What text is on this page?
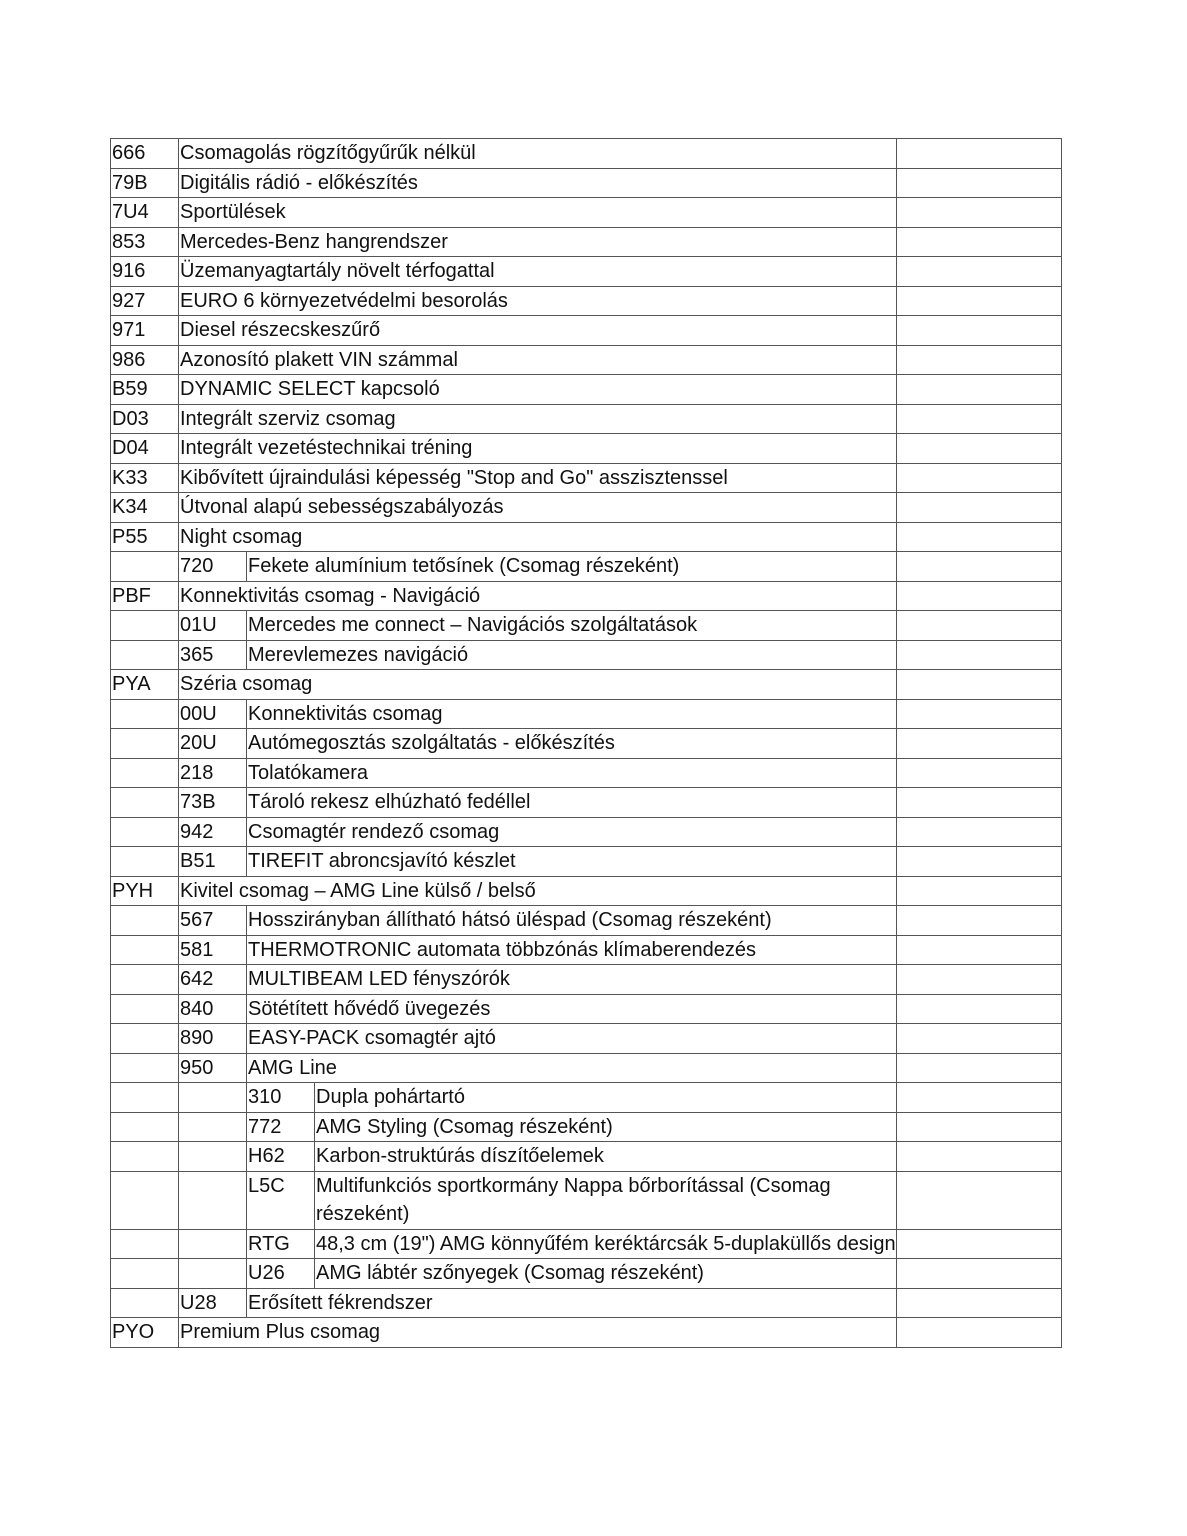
666	Csomagolás rögzítőgyűrűk nélkül			
79B	Digitális rádió - előkészítés			
7U4	Sportülések			
853	Mercedes-Benz hangrendszer			
916	Üzemanyagtartály növelt térfogattal			
927	EURO 6 környezetvédelmi besorolás			
971	Diesel részecskeszűrő			
986	Azonosító plakett VIN számmal			
B59	DYNAMIC SELECT kapcsoló			
D03	Integrált szerviz csomag			
D04	Integrált vezetéstechnikai tréning			
K33	Kibővített újraindulási képesség "Stop and Go" asszisztenssel			
K34	Útvonal alapú sebességszabályozás			
P55	Night csomag			
	720	Fekete alumínium tetősínek (Csomag részeként)		
PBF	Konnektivitás csomag - Navigáció			
	01U	Mercedes me connect – Navigációs szolgáltatások		
	365	Merevlemezes navigáció		
PYA	Széria csomag			
	00U	Konnektivitás csomag		
	20U	Autómegosztás szolgáltatás - előkészítés		
	218	Tolatókamera		
	73B	Tároló rekesz elhúzható fedéllel		
	942	Csomagtér rendező csomag		
	B51	TIREFIT abroncsjavító készlet		
PYH	Kivitel csomag – AMG Line külső / belső			
	567	Hosszirányban állítható hátsó üléspad (Csomag részeként)		
	581	THERMOTRONIC automata többzónás klímaberendezés		
	642	MULTIBEAM LED fényszórók		
	840	Sötétített hővédő üvegezés		
	890	EASY-PACK csomagtér ajtó		
	950	AMG Line		
		310	Dupla pohártartó	
		772	AMG Styling (Csomag részeként)	
		H62	Karbon-struktúrás díszítőelemek	
		L5C	Multifunkciós sportkormány Nappa bőrborítással (Csomag részeként)	
		RTG	48,3 cm (19") AMG könnyűfém keréktárcsák 5-duplaküllős design	
		U26	AMG lábtér szőnyegek (Csomag részeként)	
	U28	Erősített fékrendszer		
PYO	Premium Plus csomag			
